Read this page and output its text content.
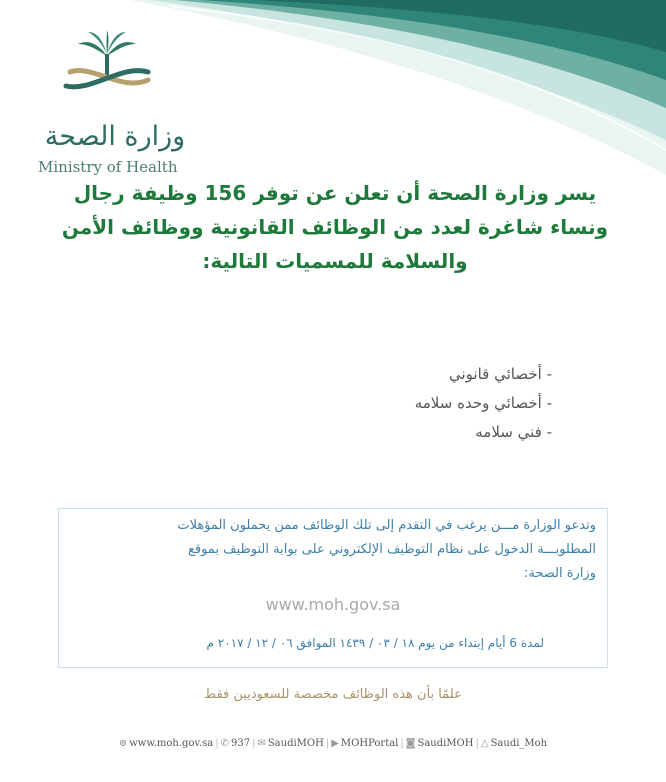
وزارة الصحة
Ministry of Health
يسر وزارة الصحة أن تعلن عن توفر 156 وظيفة رجال
ونساء شاغرة لعدد من الوظائف القانونية ووظائف الأمن
والسلامة للمسميات التالية:
- أخصائي قانوني
- أخصائي وحده سلامه
- فني سلامه
وتدعو الوزارة مـــن يرغب في التقدم إلى تلك الوظائف ممن يحملون المؤهلات
المطلوبـــة الدخول على نظام التوظيف الإلكتروني على بوابة التوظيف بموقع
وزارة الصحة:
www.moh.gov.sa
لمدة 6 أيام إبتداء من يوم ١٨ / ٠٣ / ١٤٣٩ الموافق ٠٦ / ١٢ / ٢٠١٧ م
علمًا بأن هذه الوظائف مخصصة للسعوديين فقط
⊕ www.moh.gov.sa | ✆ 937 | ✉ SaudiMOH | ▶ MOHPortal | ◙ SaudiMOH | △ Saudi_Moh
